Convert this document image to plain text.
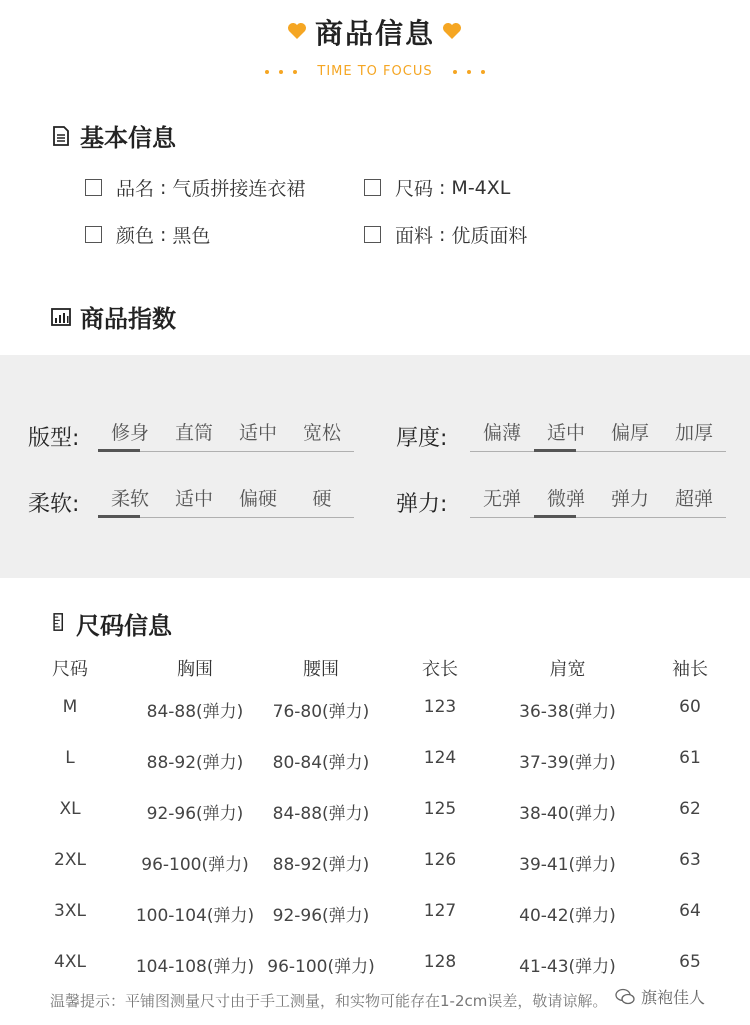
商品信息
TIME TO FOCUS
基本信息
品名 : 气质拼接连衣裙	尺码 : M-4XL
颜色 : 黑色	面料 : 优质面料
商品指数
版型:	修身	直筒	适中	宽松	厚度:	偏薄	适中	偏厚	加厚
柔软:	柔软	适中	偏硬	硬	弹力:	无弹	微弹	弹力	超弹
尺码信息
尺码	胸围	腰围	衣长	肩宽	袖长
M	84-88(弹力)	76-80(弹力)	123	36-38(弹力)	60
L	88-92(弹力)	80-84(弹力)	124	37-39(弹力)	61
XL	92-96(弹力)	84-88(弹力)	125	38-40(弹力)	62
2XL	96-100(弹力)	88-92(弹力)	126	39-41(弹力)	63
3XL	100-104(弹力)	92-96(弹力)	127	40-42(弹力)	64
4XL	104-108(弹力) 96-100(弹力)	128	41-43(弹力)	65
温馨提示：平铺图测量尺寸由于手工测量，和实物可能存在1-2cm误差，敬请谅解。 旗袍佳人
